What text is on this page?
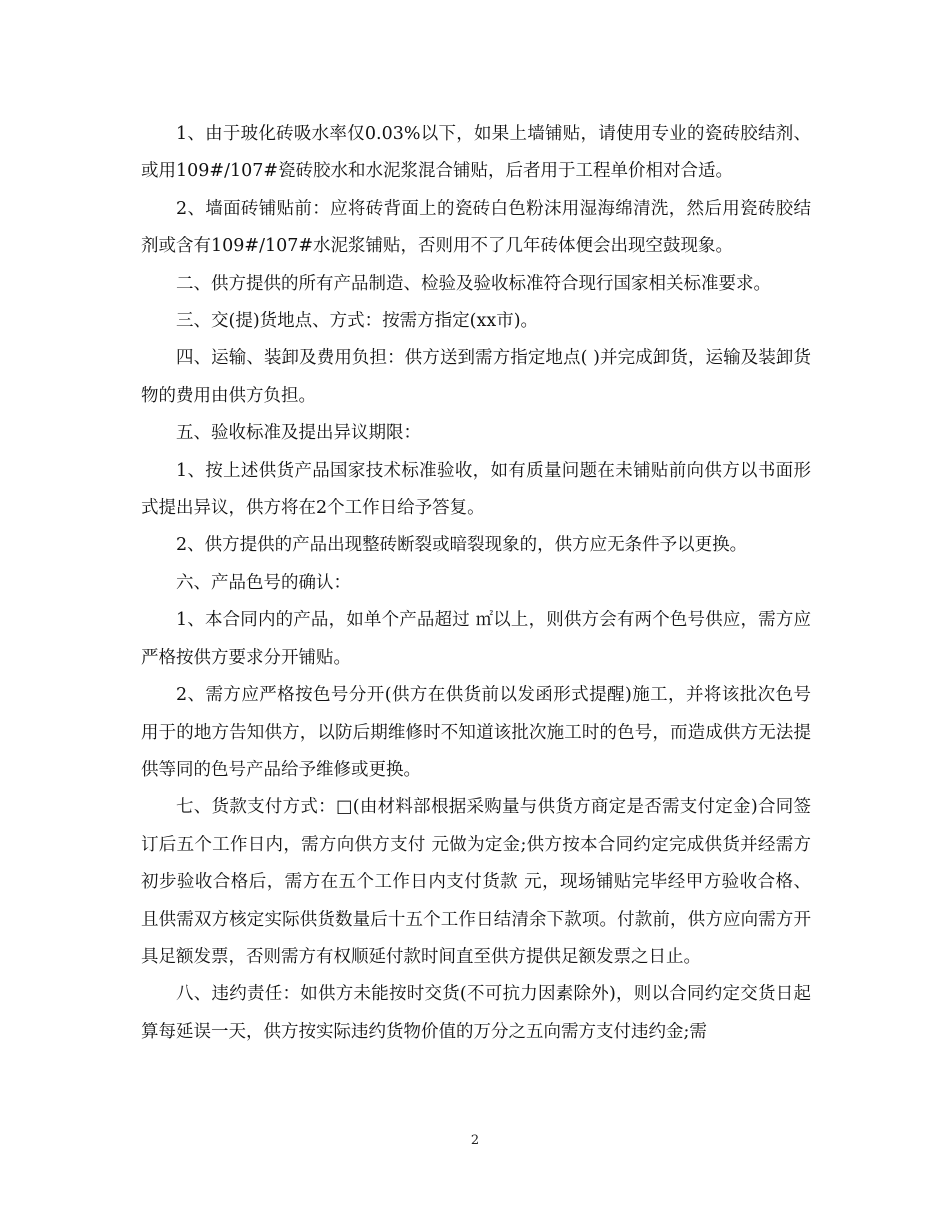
1、由于玻化砖吸水率仅0.03%以下，如果上墙铺贴，请使用专业的瓷砖胶结剂、或用109#/107#瓷砖胶水和水泥浆混合铺贴，后者用于工程单价相对合适。

2、墙面砖铺贴前：应将砖背面上的瓷砖白色粉沫用湿海绵清洗，然后用瓷砖胶结剂或含有109#/107#水泥浆铺贴，否则用不了几年砖体便会出现空鼓现象。

二、供方提供的所有产品制造、检验及验收标准符合现行国家相关标准要求。

三、交(提)货地点、方式：按需方指定(xx市)。

四、运输、装卸及费用负担：供方送到需方指定地点( )并完成卸货，运输及装卸货物的费用由供方负担。

五、验收标准及提出异议期限：

1、按上述供货产品国家技术标准验收，如有质量问题在未铺贴前向供方以书面形式提出异议，供方将在2个工作日给予答复。

2、供方提供的产品出现整砖断裂或暗裂现象的，供方应无条件予以更换。

六、产品色号的确认：

1、本合同内的产品，如单个产品超过 ㎡以上，则供方会有两个色号供应，需方应严格按供方要求分开铺贴。

2、需方应严格按色号分开(供方在供货前以发函形式提醒)施工，并将该批次色号用于的地方告知供方，以防后期维修时不知道该批次施工时的色号，而造成供方无法提供等同的色号产品给予维修或更换。

七、货款支付方式：□(由材料部根据采购量与供货方商定是否需支付定金)合同签订后五个工作日内，需方向供方支付 元做为定金;供方按本合同约定完成供货并经需方初步验收合格后，需方在五个工作日内支付货款 元，现场铺贴完毕经甲方验收合格、且供需双方核定实际供货数量后十五个工作日结清余下款项。付款前，供方应向需方开具足额发票，否则需方有权顺延付款时间直至供方提供足额发票之日止。

八、违约责任：如供方未能按时交货(不可抗力因素除外)，则以合同约定交货日起算每延误一天，供方按实际违约货物价值的万分之五向需方支付违约金;需

2
